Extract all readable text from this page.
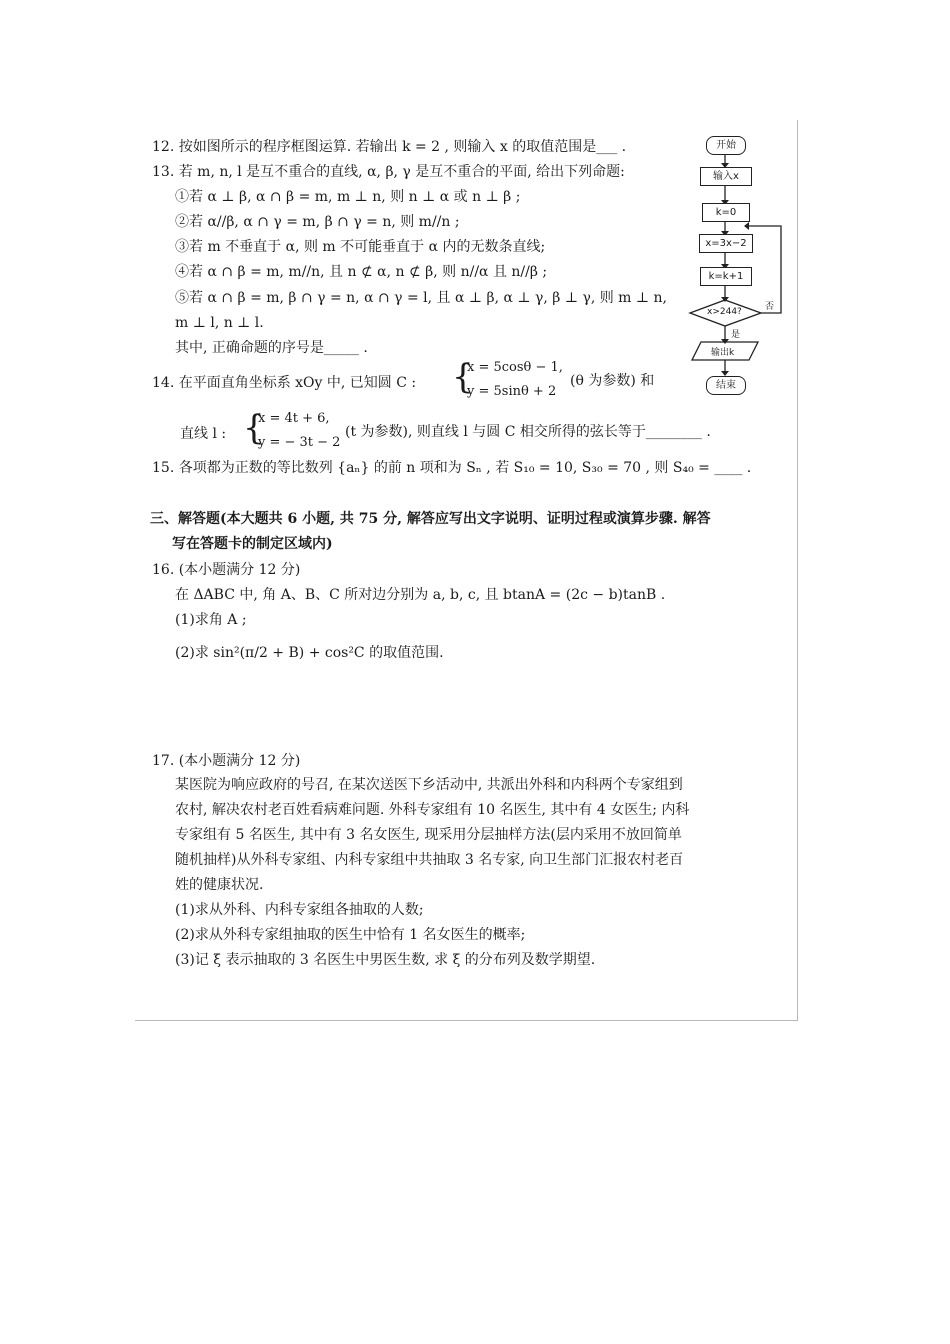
12. 按如图所示的程序框图运算. 若输出 k = 2 , 则输入 x 的取值范围是___ .
13. 若 m, n, l 是互不重合的直线, α, β, γ 是互不重合的平面, 给出下列命题:
①若 α ⊥ β, α ∩ β = m, m ⊥ n, 则 n ⊥ α 或 n ⊥ β ;
②若 α//β, α ∩ γ = m, β ∩ γ = n, 则 m//n ;
③若 m 不垂直于 α, 则 m 不可能垂直于 α 内的无数条直线;
④若 α ∩ β = m, m//n, 且 n ⊄ α, n ⊄ β, 则 n//α 且 n//β ;
⑤若 α ∩ β = m, β ∩ γ = n, α ∩ γ = l, 且 α ⊥ β, α ⊥ γ, β ⊥ γ, 则 m ⊥ n,
m ⊥ l, n ⊥ l.
其中, 正确命题的序号是_____ .
14. 在平面直角坐标系 xOy 中, 已知圆 C : {
x = 5cosθ − 1,
y = 5sinθ + 2
(θ 为参数) 和
直线 l : {
x = 4t + 6,
y = − 3t − 2
(t 为参数), 则直线 l 与圆 C 相交所得的弦长等于________ .
15. 各项都为正数的等比数列 {aₙ} 的前 n 项和为 Sₙ , 若 S₁₀ = 10, S₃₀ = 70 , 则 S₄₀ = ____ .
三、解答题(本大题共 6 小题, 共 75 分, 解答应写出文字说明、证明过程或演算步骤. 解答
写在答题卡的制定区域内)
16. (本小题满分 12 分)
在 ΔABC 中, 角 A、B、C 所对边分别为 a, b, c, 且 btanA = (2c − b)tanB .
(1)求角 A ;
(2)求 sin²(π/2 + B) + cos²C 的取值范围.
17. (本小题满分 12 分)
某医院为响应政府的号召, 在某次送医下乡活动中, 共派出外科和内科两个专家组到
农村, 解决农村老百姓看病难问题. 外科专家组有 10 名医生, 其中有 4 女医生; 内科
专家组有 5 名医生, 其中有 3 名女医生, 现采用分层抽样方法(层内采用不放回简单
随机抽样)从外科专家组、内科专家组中共抽取 3 名专家, 向卫生部门汇报农村老百
姓的健康状况.
(1)求从外科、内科专家组各抽取的人数;
(2)求从外科专家组抽取的医生中恰有 1 名女医生的概率;
(3)记 ξ 表示抽取的 3 名医生中男医生数, 求 ξ 的分布列及数学期望.
开始
输入x
k=0
x=3x−2
k=k+1
x>244?	否
是
输出k
结束
